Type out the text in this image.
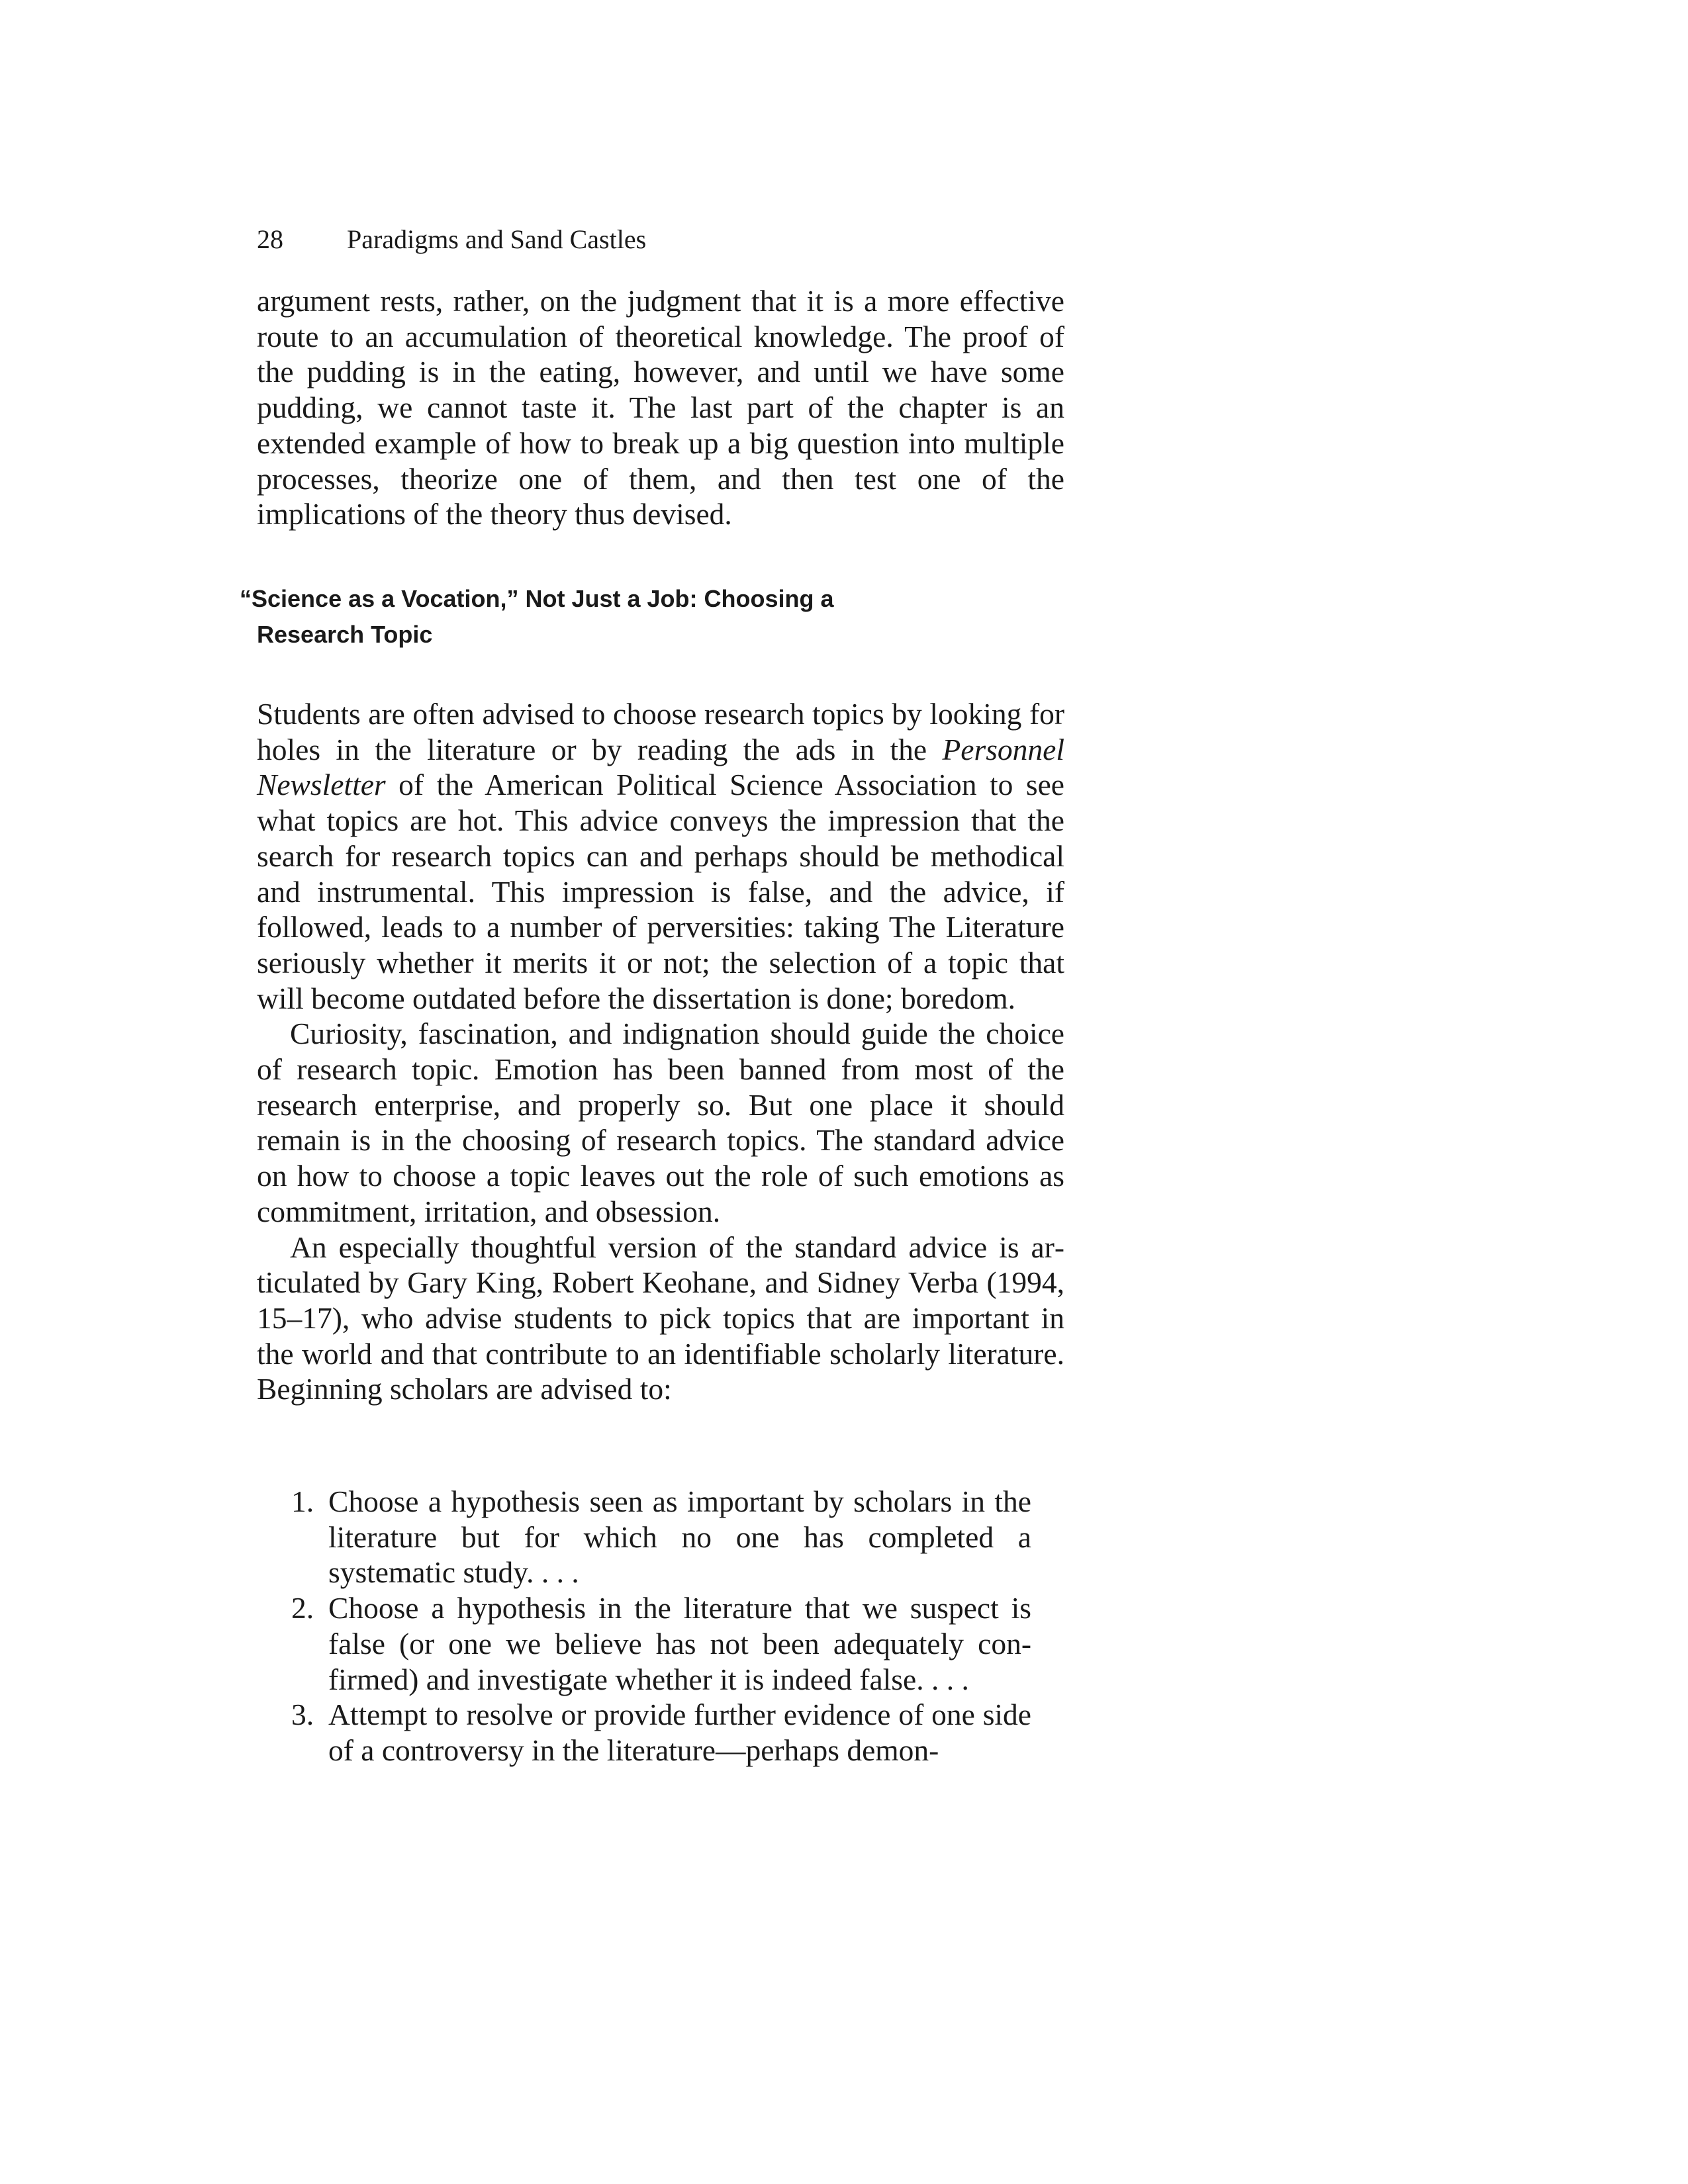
28 Paradigms and Sand Castles

argument rests, rather, on the judgment that it is a more effective route to an accumulation of theoretical knowledge. The proof of the pudding is in the eating, however, and until we have some pudding, we cannot taste it. The last part of the chapter is an extended example of how to break up a big question into multiple processes, theorize one of them, and then test one of the implications of the theory thus devised.

“Science as a Vocation,” Not Just a Job: Choosing a
Research Topic

Students are often advised to choose research topics by looking for holes in the literature or by reading the ads in the Personnel Newsletter of the American Political Science Association to see what topics are hot. This advice conveys the impression that the search for research topics can and perhaps should be methodical and instrumental. This impression is false, and the advice, if followed, leads to a number of perversities: taking The Literature seriously whether it merits it or not; the selection of a topic that will become outdated before the dissertation is done; boredom.

Curiosity, fascination, and indignation should guide the choice of research topic. Emotion has been banned from most of the research enterprise, and properly so. But one place it should remain is in the choosing of research topics. The standard advice on how to choose a topic leaves out the role of such emotions as commitment, irritation, and obsession.

An especially thoughtful version of the standard advice is articulated by Gary King, Robert Keohane, and Sidney Verba (1994, 15–17), who advise students to pick topics that are important in the world and that contribute to an identifiable scholarly literature. Beginning scholars are advised to:

1. Choose a hypothesis seen as important by scholars in the literature but for which no one has completed a systematic study. . . .
2. Choose a hypothesis in the literature that we suspect is false (or one we believe has not been adequately confirmed) and investigate whether it is indeed false. . . .
3. Attempt to resolve or provide further evidence of one side of a controversy in the literature—perhaps demon-
